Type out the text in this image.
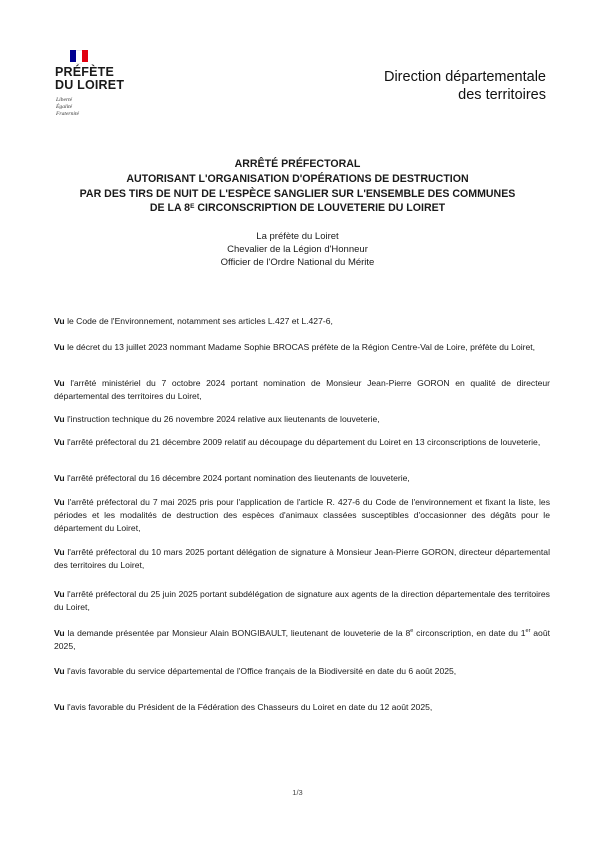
PRÉFÈTE
DU LOIRET
Liberté
Égalité
Fraternité
Direction départementale
des territoires
ARRÊTÉ PRÉFECTORAL
AUTORISANT L'ORGANISATION D'OPÉRATIONS DE DESTRUCTION
PAR DES TIRS DE NUIT DE L'ESPÈCE SANGLIER SUR L'ENSEMBLE DES COMMUNES
DE LA $8^E$ CIRCONSCRIPTION DE LOUVETERIE DU LOIRET
La préfète du Loiret
Chevalier de la Légion d'Honneur
Officier de l'Ordre National du Mérite
Vu le Code de l'Environnement, notamment ses articles L.427 et L.427-6,
Vu le décret du 13 juillet 2023 nommant Madame Sophie BROCAS préfète de la Région Centre-Val de Loire, préfète du Loiret,
Vu l'arrêté ministériel du 7 octobre 2024 portant nomination de Monsieur Jean-Pierre GORON en qualité de directeur départemental des territoires du Loiret,
Vu l'instruction technique du 26 novembre 2024 relative aux lieutenants de louveterie,
Vu l'arrêté préfectoral du 21 décembre 2009 relatif au découpage du département du Loiret en 13 circonscriptions de louveterie,
Vu l'arrêté préfectoral du 16 décembre 2024 portant nomination des lieutenants de louveterie,
Vu l'arrêté préfectoral du 7 mai 2025 pris pour l'application de l'article R. 427-6 du Code de l'environnement et fixant la liste, les périodes et les modalités de destruction des espèces d'animaux classées susceptibles d'occasionner des dégâts pour le département du Loiret,
Vu l'arrêté préfectoral du 10 mars 2025 portant délégation de signature à Monsieur Jean-Pierre GORON, directeur départemental des territoires du Loiret,
Vu l'arrêté préfectoral du 25 juin 2025 portant subdélégation de signature aux agents de la direction départementale des territoires du Loiret,
Vu la demande présentée par Monsieur Alain BONGIBAULT, lieutenant de louveterie de la 8e circonscription, en date du 1er août 2025,
Vu l'avis favorable du service départemental de l'Office français de la Biodiversité en date du 6 août 2025,
Vu l'avis favorable du Président de la Fédération des Chasseurs du Loiret en date du 12 août 2025,
1/3
